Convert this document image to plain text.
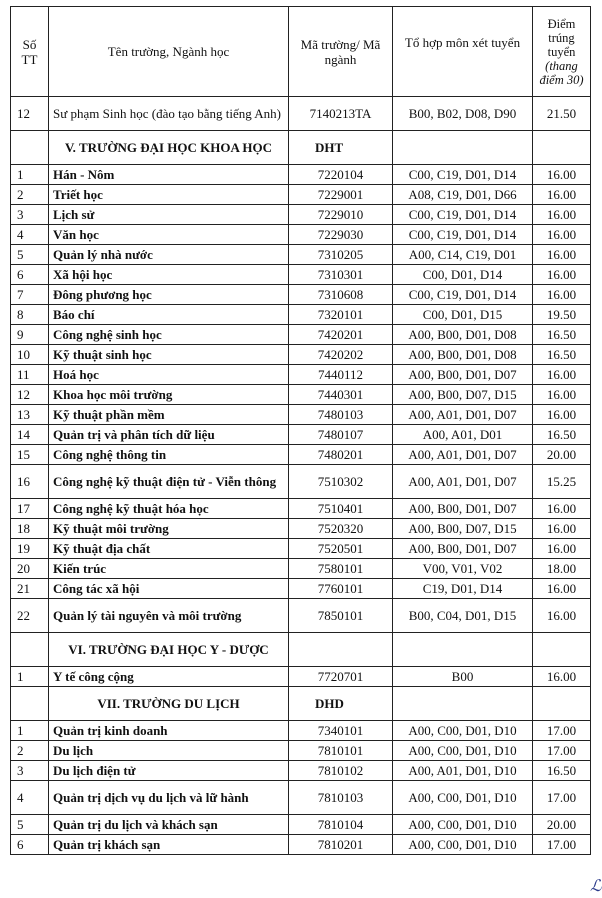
Số TT	Tên trường, Ngành học	Mã trường/ Mã ngành	Tổ hợp môn xét tuyển	Điểm trúng tuyển
(thang điểm 30)
12	Sư phạm Sinh học (đào tạo bằng tiếng Anh)	7140213TA	B00, B02, D08, D90	21.50
	V. TRƯỜNG ĐẠI HỌC KHOA HỌC	DHT		
1	Hán - Nôm	7220104	C00, C19, D01, D14	16.00
2	Triết học	7229001	A08, C19, D01, D66	16.00
3	Lịch sử	7229010	C00, C19, D01, D14	16.00
4	Văn học	7229030	C00, C19, D01, D14	16.00
5	Quản lý nhà nước	7310205	A00, C14, C19, D01	16.00
6	Xã hội học	7310301	C00, D01, D14	16.00
7	Đông phương học	7310608	C00, C19, D01, D14	16.00
8	Báo chí	7320101	C00, D01, D15	19.50
9	Công nghệ sinh học	7420201	A00, B00, D01, D08	16.50
10	Kỹ thuật sinh học	7420202	A00, B00, D01, D08	16.50
11	Hoá học	7440112	A00, B00, D01, D07	16.00
12	Khoa học môi trường	7440301	A00, B00, D07, D15	16.00
13	Kỹ thuật phần mềm	7480103	A00, A01, D01, D07	16.00
14	Quản trị và phân tích dữ liệu	7480107	A00, A01, D01	16.50
15	Công nghệ thông tin	7480201	A00, A01, D01, D07	20.00
16	Công nghệ kỹ thuật điện tử - Viễn thông	7510302	A00, A01, D01, D07	15.25
17	Công nghệ kỹ thuật hóa học	7510401	A00, B00, D01, D07	16.00
18	Kỹ thuật môi trường	7520320	A00, B00, D07, D15	16.00
19	Kỹ thuật địa chất	7520501	A00, B00, D01, D07	16.00
20	Kiến trúc	7580101	V00, V01, V02	18.00
21	Công tác xã hội	7760101	C19, D01, D14	16.00
22	Quản lý tài nguyên và môi trường	7850101	B00, C04, D01, D15	16.00
	VI. TRƯỜNG ĐẠI HỌC Y - DƯỢC			
1	Y tế công cộng	7720701	B00	16.00
	VII. TRƯỜNG DU LỊCH	DHD		
1	Quản trị kinh doanh	7340101	A00, C00, D01, D10	17.00
2	Du lịch	7810101	A00, C00, D01, D10	17.00
3	Du lịch điện tử	7810102	A00, A01, D01, D10	16.50
4	Quản trị dịch vụ du lịch và lữ hành	7810103	A00, C00, D01, D10	17.00
5	Quản trị du lịch và khách sạn	7810104	A00, C00, D01, D10	20.00
6	Quản trị khách sạn	7810201	A00, C00, D01, D10	17.00
ℒ
